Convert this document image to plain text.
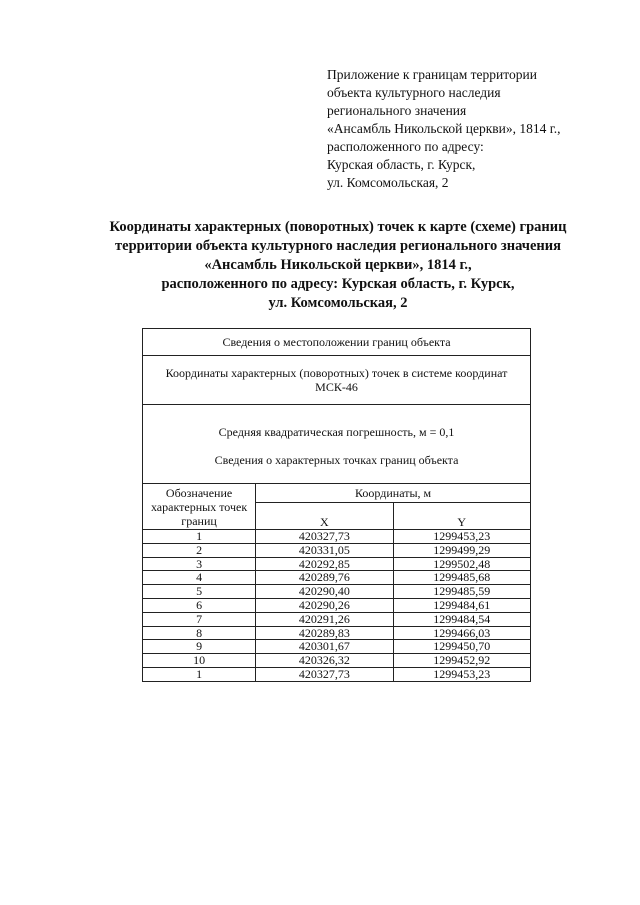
Приложение к границам территории
объекта культурного наследия
регионального значения
«Ансамбль Никольской церкви», 1814 г.,
расположенного по адресу:
Курская область, г. Курск,
ул. Комсомольская, 2
Координаты характерных (поворотных) точек к карте (схеме) границ
территории объекта культурного наследия регионального значения
«Ансамбль Никольской церкви», 1814 г.,
расположенного по адресу: Курская область, г. Курск,
ул. Комсомольская, 2
Сведения о местоположении границ объекта		
Координаты характерных (поворотных) точек в системе координат МСК-46		

Средняя квадратическая погрешность, м = 0,1
Сведения о характерных точках границ объекта		

Обозначение характерных точек границ	Координаты, м	
	X	Y
1	420327,73	1299453,23
2	420331,05	1299499,29
3	420292,85	1299502,48
4	420289,76	1299485,68
5	420290,40	1299485,59
6	420290,26	1299484,61
7	420291,26	1299484,54
8	420289,83	1299466,03
9	420301,67	1299450,70
10	420326,32	1299452,92
1	420327,73	1299453,23
